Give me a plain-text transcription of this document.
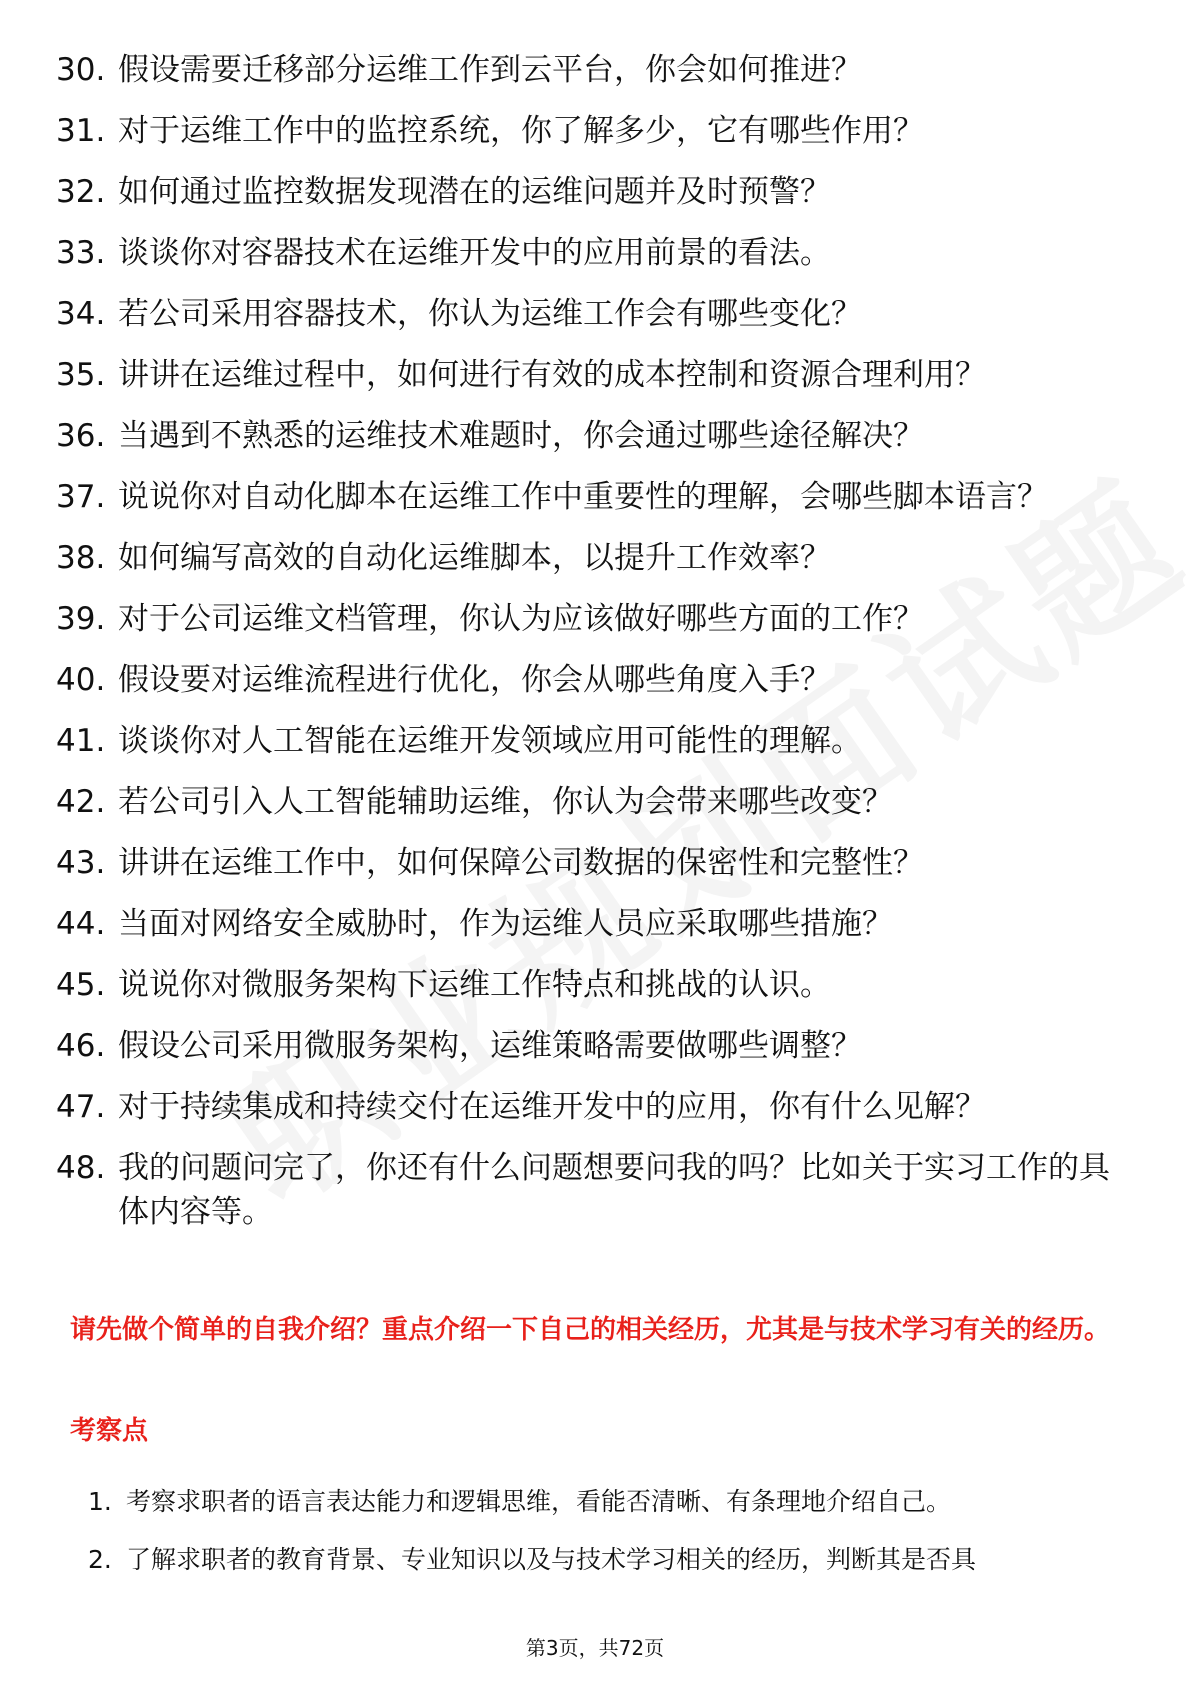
30. 假设需要迁移部分运维工作到云平台，你会如何推进？
31. 对于运维工作中的监控系统，你了解多少，它有哪些作用？
32. 如何通过监控数据发现潜在的运维问题并及时预警？
33. 谈谈你对容器技术在运维开发中的应用前景的看法。
34. 若公司采用容器技术，你认为运维工作会有哪些变化？
35. 讲讲在运维过程中，如何进行有效的成本控制和资源合理利用？
36. 当遇到不熟悉的运维技术难题时，你会通过哪些途径解决？
37. 说说你对自动化脚本在运维工作中重要性的理解，会哪些脚本语言？
38. 如何编写高效的自动化运维脚本，以提升工作效率？
39. 对于公司运维文档管理，你认为应该做好哪些方面的工作？
40. 假设要对运维流程进行优化，你会从哪些角度入手？
41. 谈谈你对人工智能在运维开发领域应用可能性的理解。
42. 若公司引入人工智能辅助运维，你认为会带来哪些改变？
43. 讲讲在运维工作中，如何保障公司数据的保密性和完整性？
44. 当面对网络安全威胁时，作为运维人员应采取哪些措施？
45. 说说你对微服务架构下运维工作特点和挑战的认识。
46. 假设公司采用微服务架构，运维策略需要做哪些调整？
47. 对于持续集成和持续交付在运维开发中的应用，你有什么见解？
48. 我的问题问完了，你还有什么问题想要问我的吗？比如关于实习工作的具体内容等。

请先做个简单的自我介绍？重点介绍一下自己的相关经历，尤其是与技术学习有关的经历。

考察点

1. 考察求职者的语言表达能力和逻辑思维，看能否清晰、有条理地介绍自己。
2. 了解求职者的教育背景、专业知识以及与技术学习相关的经历，判断其是否具
第3页，共72页
